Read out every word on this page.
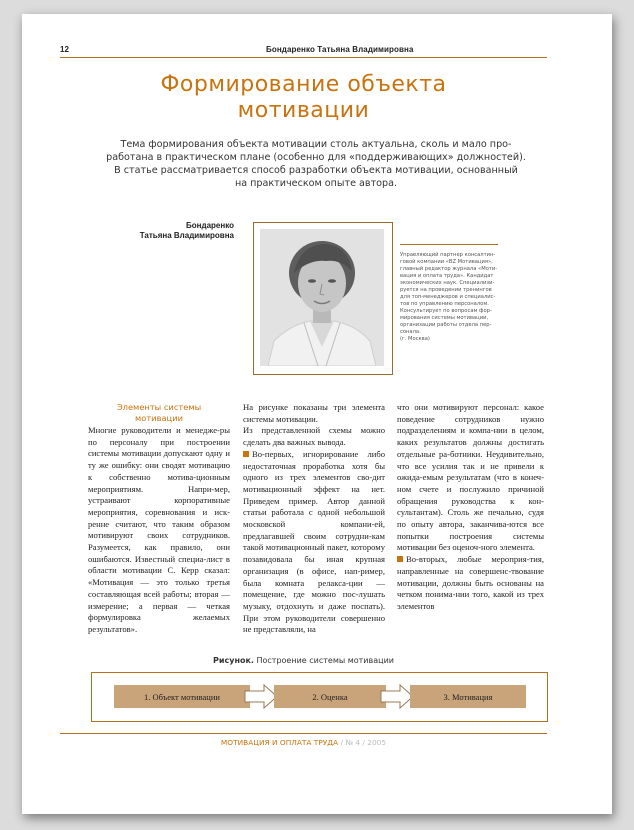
12	Бондаренко Татьяна Владимировна
Формирование объекта
мотивации
Тема формирования объекта мотивации столь актуальна, сколь и мало про-
работана в практическом плане (особенно для «поддерживающих» должностей).
В статье рассматривается способ разработки объекта мотивации, основанный
на практическом опыте автора.
Бондаренко
Татьяна Владимировна
Управляющий партнер консалтин-
говой компании «BZ Мотивация»,
главный редактор журнала «Моти-
вация и оплата труда». Кандидат
экономических наук. Специализи-
руется на проведении тренингов
для топ-менеджеров и специалис-
тов по управлению персоналом.
Консультирует по вопросам фор-
мирования системы мотивации,
организации работы отдела пер-
сонала.
(г. Москва)

Элементы системы
мотивации

Многие руководители и менедже-ры по персоналу при построении системы мотивации допускают одну и ту же ошибку: они сводят мотивацию к собственно мотива-ционным мероприятиям. Напри-мер, устраивают корпоративные мероприятия, соревнования и иск-ренне считают, что таким образом мотивируют своих сотрудников. Разумеется, как правило, они ошибаются. Известный специа-лист в области мотивации С. Керр сказал: «Мотивация — это только третья составляющая всей работы; вторая — измерение; а первая — четкая формулировка желаемых результатов».

На рисунке показаны три элемента системы мотивации.

Из представленной схемы можно сделать два важных вывода.

Во-первых, игнорирование либо недостаточная проработка хотя бы одного из трех элементов сво-дит мотивационный эффект на нет. Приведем пример. Автор данной статьи работала с одной небольшой московской компани-ей, предлагавшей своим сотрудни-кам такой мотивационный пакет, которому позавидовала бы иная крупная организация (в офисе, нап-ример, была комната релакса-ции — помещение, где можно пос-лушать музыку, отдохнуть и даже поспать). При этом руководители совершенно не представляли, на

что они мотивируют персонал: какое поведение сотрудников нужно подразделениям и компа-нии в целом, каких результатов должны достигать отдельные ра-ботники. Неудивительно, что все усилия так и не привели к ожида-емым результатам (что в конеч-ном счете и послужило причиной обращения руководства к кон-сультантам). Столь же печально, судя по опыту автора, заканчива-ются все попытки построения системы мотивации без оценоч-ного элемента.

Во-вторых, любые мероприя-тия, направленные на совершенс-твование мотивации, должны быть основаны на четком понима-нии того, какой из трех элементов

Рисунок. Построение системы мотивации
1. Объект мотивации	2. Оценка	3. Мотивация
МОТИВАЦИЯ И ОПЛАТА ТРУДА / № 4 / 2005
